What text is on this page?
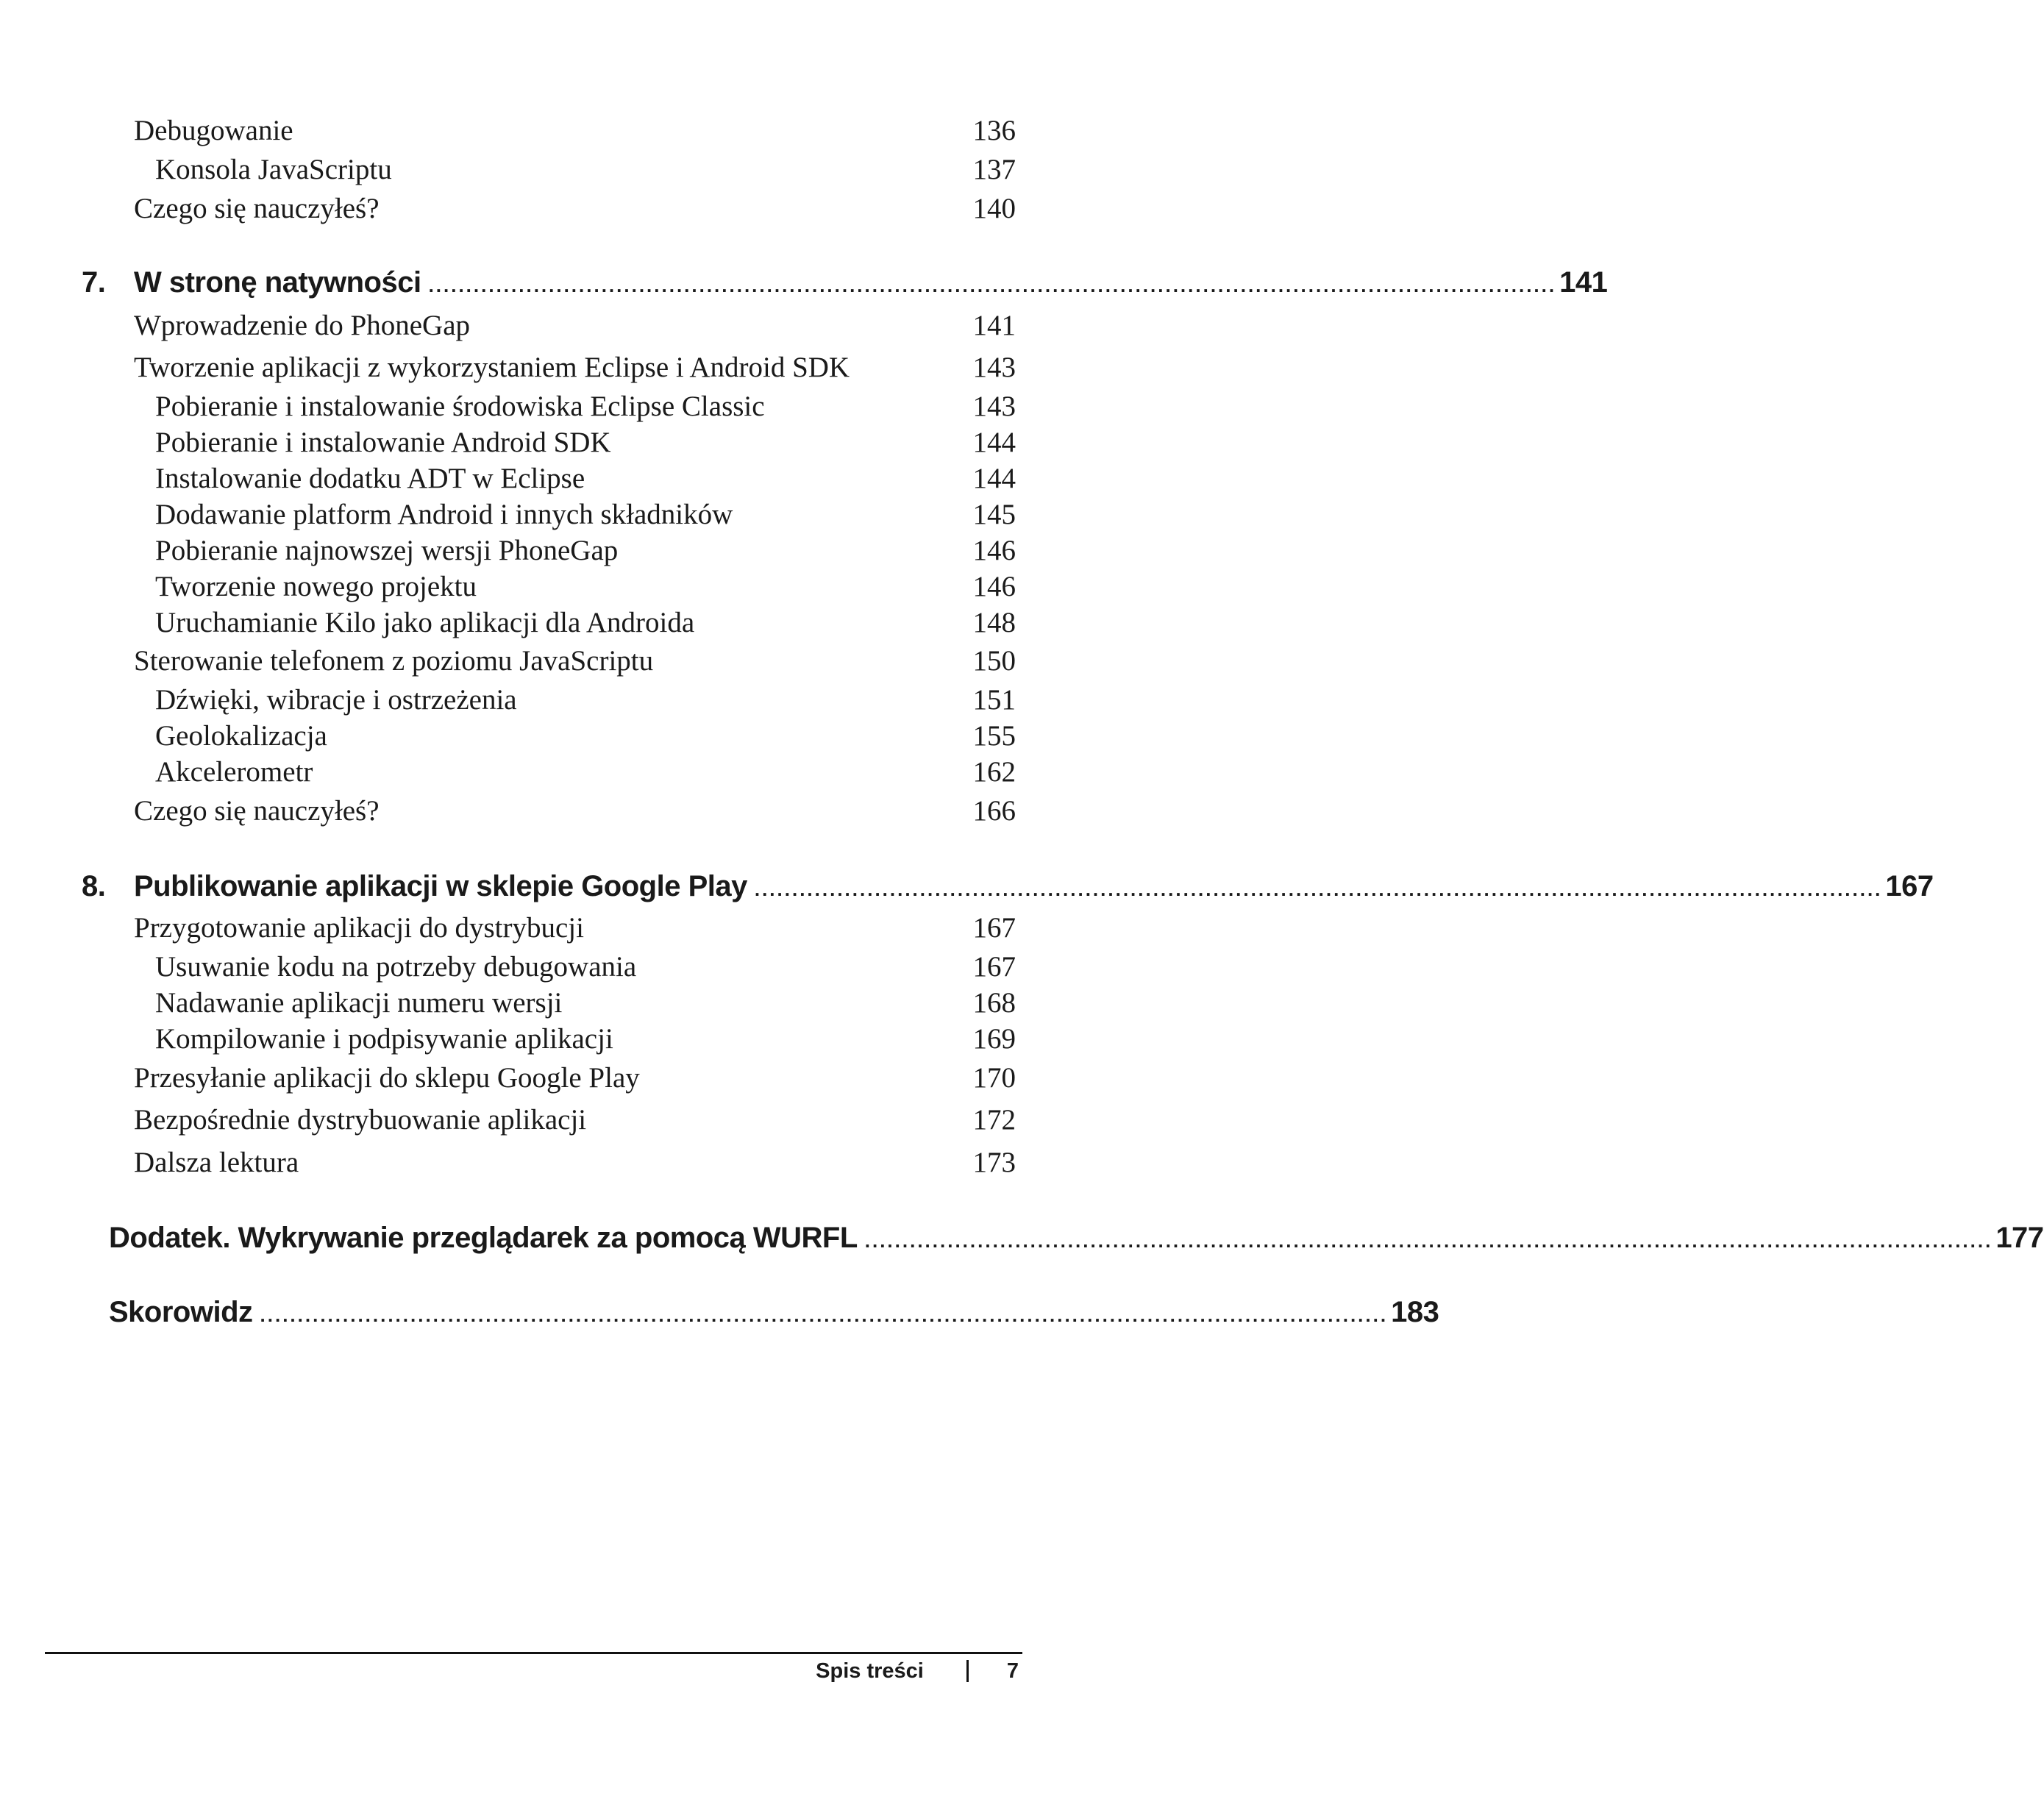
Debugowanie	136
Konsola JavaScriptu	137
Czego się nauczyłeś?	140
7. W stronę natywności ...................................................................................................................................................... 141
Wprowadzenie do PhoneGap	141
Tworzenie aplikacji z wykorzystaniem Eclipse i Android SDK	143
Pobieranie i instalowanie środowiska Eclipse Classic	143
Pobieranie i instalowanie Android SDK	144
Instalowanie dodatku ADT w Eclipse	144
Dodawanie platform Android i innych składników	145
Pobieranie najnowszej wersji PhoneGap	146
Tworzenie nowego projektu	146
Uruchamianie Kilo jako aplikacji dla Androida	148
Sterowanie telefonem z poziomu JavaScriptu	150
Dźwięki, wibracje i ostrzeżenia	151
Geolokalizacja	155
Akcelerometr	162
Czego się nauczyłeś?	166
8. Publikowanie aplikacji w sklepie Google Play ...................................................................................................................................................... 167
Przygotowanie aplikacji do dystrybucji	167
Usuwanie kodu na potrzeby debugowania	167
Nadawanie aplikacji numeru wersji	168
Kompilowanie i podpisywanie aplikacji	169
Przesyłanie aplikacji do sklepu Google Play	170
Bezpośrednie dystrybuowanie aplikacji	172
Dalsza lektura	173
Dodatek. Wykrywanie przeglądarek za pomocą WURFL ...................................................................................................................................................... 177
Skorowidz ...................................................................................................................................................... 183
Spis treści	7
